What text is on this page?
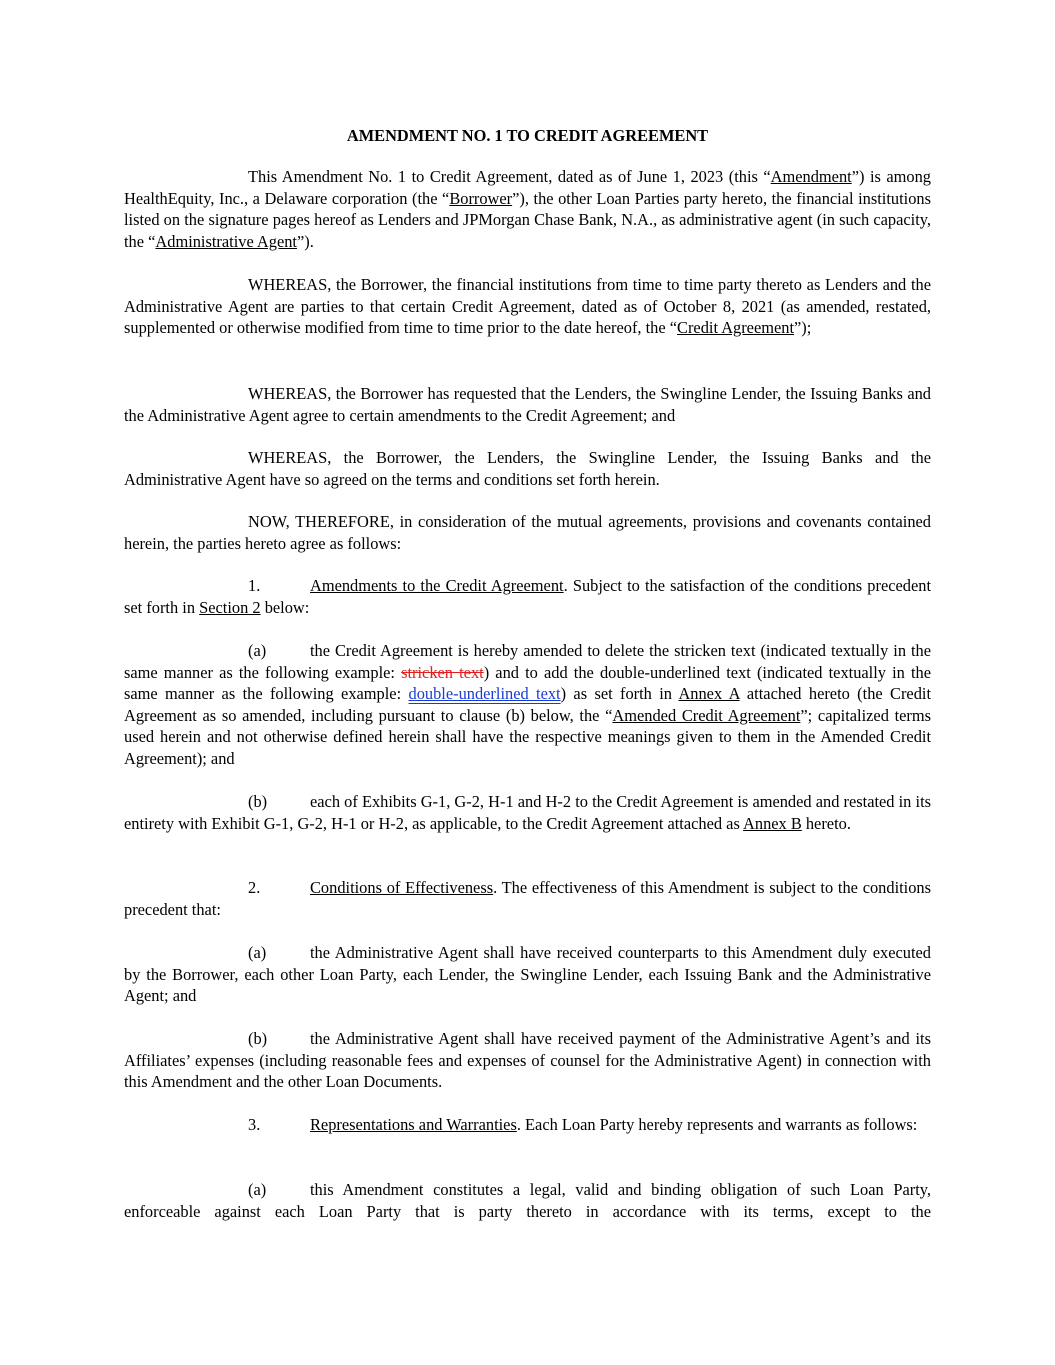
AMENDMENT NO. 1 TO CREDIT AGREEMENT

This Amendment No. 1 to Credit Agreement, dated as of June 1, 2023 (this “Amendment”) is among HealthEquity, Inc., a Delaware corporation (the “Borrower”), the other Loan Parties party hereto, the financial institutions listed on the signature pages hereof as Lenders and JPMorgan Chase Bank, N.A., as administrative agent (in such capacity, the “Administrative Agent”).

WHEREAS, the Borrower, the financial institutions from time to time party thereto as Lenders and the Administrative Agent are parties to that certain Credit Agreement, dated as of October 8, 2021 (as amended, restated, supplemented or otherwise modified from time to time prior to the date hereof, the “Credit Agreement”);

WHEREAS, the Borrower has requested that the Lenders, the Swingline Lender, the Issuing Banks and the Administrative Agent agree to certain amendments to the Credit Agreement; and

WHEREAS, the Borrower, the Lenders, the Swingline Lender, the Issuing Banks and the Administrative Agent have so agreed on the terms and conditions set forth herein.

NOW, THEREFORE, in consideration of the mutual agreements, provisions and covenants contained herein, the parties hereto agree as follows:

1.	Amendments to the Credit Agreement. Subject to the satisfaction of the conditions precedent set forth in Section 2 below:

(a)	the Credit Agreement is hereby amended to delete the stricken text (indicated textually in the same manner as the following example: stricken text) and to add the double-underlined text (indicated textually in the same manner as the following example: double-underlined text) as set forth in Annex A attached hereto (the Credit Agreement as so amended, including pursuant to clause (b) below, the “Amended Credit Agreement”; capitalized terms used herein and not otherwise defined herein shall have the respective meanings given to them in the Amended Credit Agreement); and

(b)	each of Exhibits G-1, G-2, H-1 and H-2 to the Credit Agreement is amended and restated in its entirety with Exhibit G-1, G-2, H-1 or H-2, as applicable, to the Credit Agreement attached as Annex B hereto.

2.	Conditions of Effectiveness. The effectiveness of this Amendment is subject to the conditions precedent that:

(a)	the Administrative Agent shall have received counterparts to this Amendment duly executed by the Borrower, each other Loan Party, each Lender, the Swingline Lender, each Issuing Bank and the Administrative Agent; and

(b)	the Administrative Agent shall have received payment of the Administrative Agent’s and its Affiliates’ expenses (including reasonable fees and expenses of counsel for the Administrative Agent) in connection with this Amendment and the other Loan Documents.

3.	Representations and Warranties. Each Loan Party hereby represents and warrants as follows:

(a)	this Amendment constitutes a legal, valid and binding obligation of such Loan Party, enforceable against each Loan Party that is party thereto in accordance with its terms, except to the
